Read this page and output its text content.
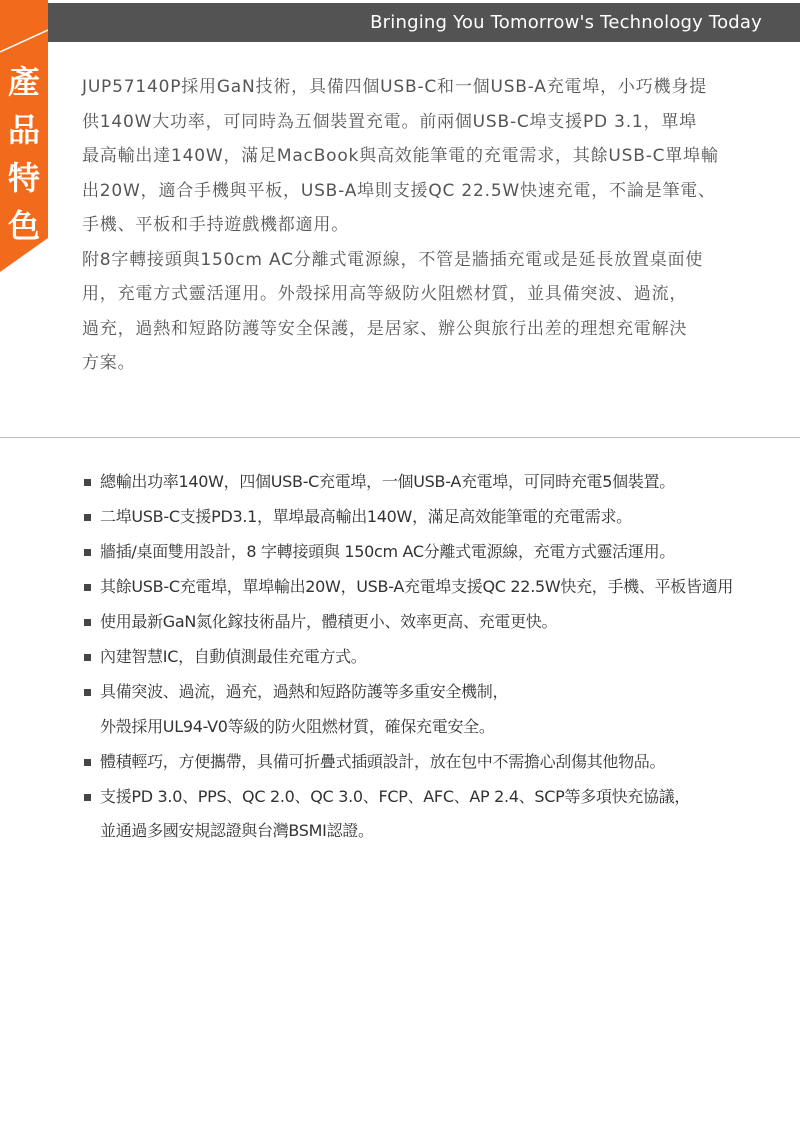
Bringing You Tomorrow's Technology Today
產
品
特
色

JUP57140P採用GaN技術，具備四個USB-C和一個USB-A充電埠，小巧機身提
供140W大功率，可同時為五個裝置充電。前兩個USB-C埠支援PD 3.1，單埠
最高輸出達140W，滿足MacBook與高效能筆電的充電需求，其餘USB-C單埠輸
出20W，適合手機與平板，USB-A埠則支援QC 22.5W快速充電，不論是筆電、
手機、平板和手持遊戲機都適用。

附8字轉接頭與150cm AC分離式電源線，不管是牆插充電或是延長放置桌面使
用，充電方式靈活運用。外殼採用高等級防火阻燃材質，並具備突波、過流，
過充，過熱和短路防護等安全保護，是居家、辦公與旅行出差的理想充電解決
方案。

總輸出功率140W，四個USB-C充電埠，一個USB-A充電埠，可同時充電5個裝置。
二埠USB-C支援PD3.1，單埠最高輸出140W，滿足高效能筆電的充電需求。
牆插/桌面雙用設計，8 字轉接頭與 150cm AC分離式電源線，充電方式靈活運用。
其餘USB-C充電埠，單埠輸出20W，USB-A充電埠支援QC 22.5W快充，手機、平板皆適用
使用最新GaN氮化鎵技術晶片，體積更小、效率更高、充電更快。
內建智慧IC，自動偵測最佳充電方式。
具備突波、過流，過充，過熱和短路防護等多重安全機制，
外殼採用UL94-V0等級的防火阻燃材質，確保充電安全。
體積輕巧，方便攜帶，具備可折疊式插頭設計，放在包中不需擔心刮傷其他物品。
支援PD 3.0、PPS、QC 2.0、QC 3.0、FCP、AFC、AP 2.4、SCP等多項快充協議，
並通過多國安規認證與台灣BSMI認證。
